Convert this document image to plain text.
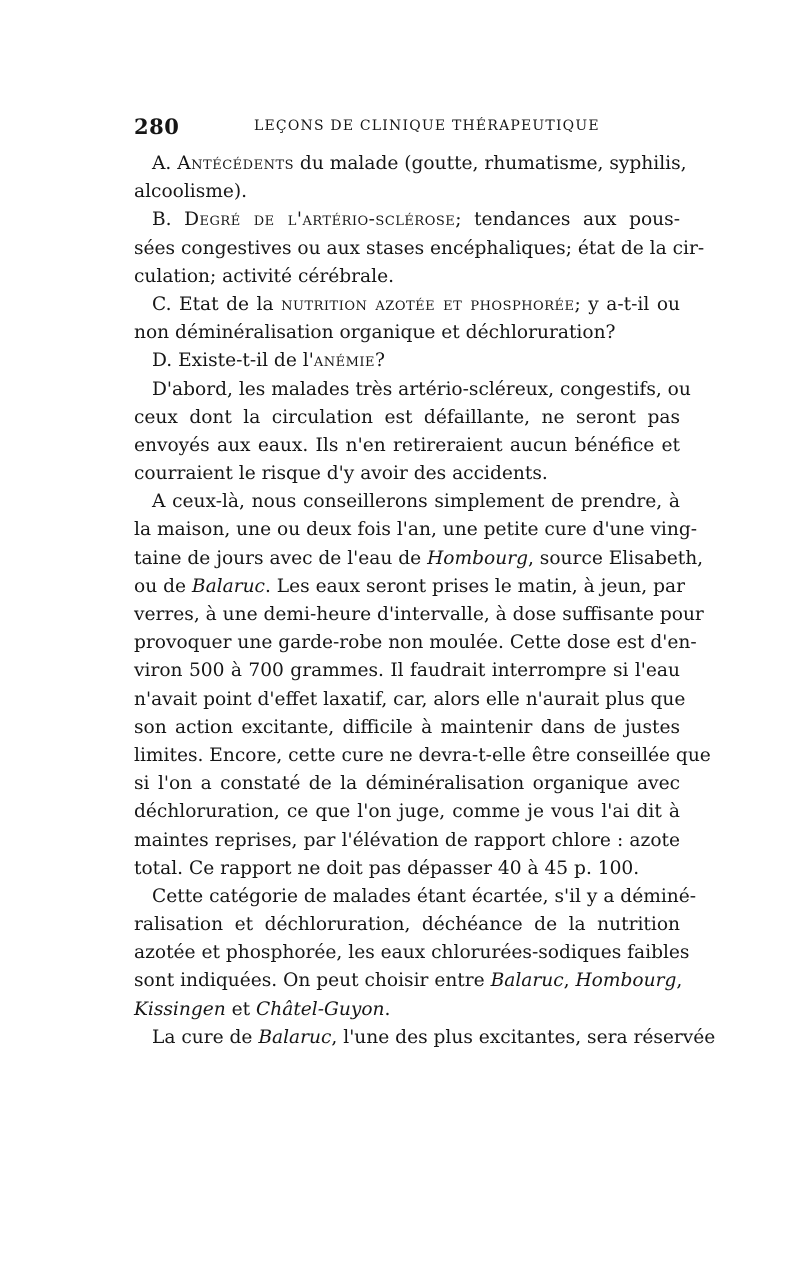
280	LEÇONS DE CLINIQUE THÉRAPEUTIQUE
A. Antécédents du malade (goutte, rhumatisme, syphilis,
alcoolisme).
B. Degré de l'artério-sclérose; tendances aux pous-
sées congestives ou aux stases encéphaliques; état de la cir-
culation; activité cérébrale.
C. Etat de la nutrition azotée et phosphorée; y a-t-il ou
non déminéralisation organique et déchloruration?
D. Existe-t-il de l'anémie?
D'abord, les malades très artério-scléreux, congestifs, ou
ceux dont la circulation est défaillante, ne seront pas
envoyés aux eaux. Ils n'en retireraient aucun bénéfice et
courraient le risque d'y avoir des accidents.
A ceux-là, nous conseillerons simplement de prendre, à
la maison, une ou deux fois l'an, une petite cure d'une ving-
taine de jours avec de l'eau de Hombourg, source Elisabeth,
ou de Balaruc. Les eaux seront prises le matin, à jeun, par
verres, à une demi-heure d'intervalle, à dose suffisante pour
provoquer une garde-robe non moulée. Cette dose est d'en-
viron 500 à 700 grammes. Il faudrait interrompre si l'eau
n'avait point d'effet laxatif, car, alors elle n'aurait plus que
son action excitante, difficile à maintenir dans de justes
limites. Encore, cette cure ne devra-t-elle être conseillée que
si l'on a constaté de la déminéralisation organique avec
déchloruration, ce que l'on juge, comme je vous l'ai dit à
maintes reprises, par l'élévation de rapport chlore : azote
total. Ce rapport ne doit pas dépasser 40 à 45 p. 100.
Cette catégorie de malades étant écartée, s'il y a déminé-
ralisation et déchloruration, déchéance de la nutrition
azotée et phosphorée, les eaux chlorurées-sodiques faibles
sont indiquées. On peut choisir entre Balaruc, Hombourg,
Kissingen et Châtel-Guyon.
La cure de Balaruc, l'une des plus excitantes, sera réservée
